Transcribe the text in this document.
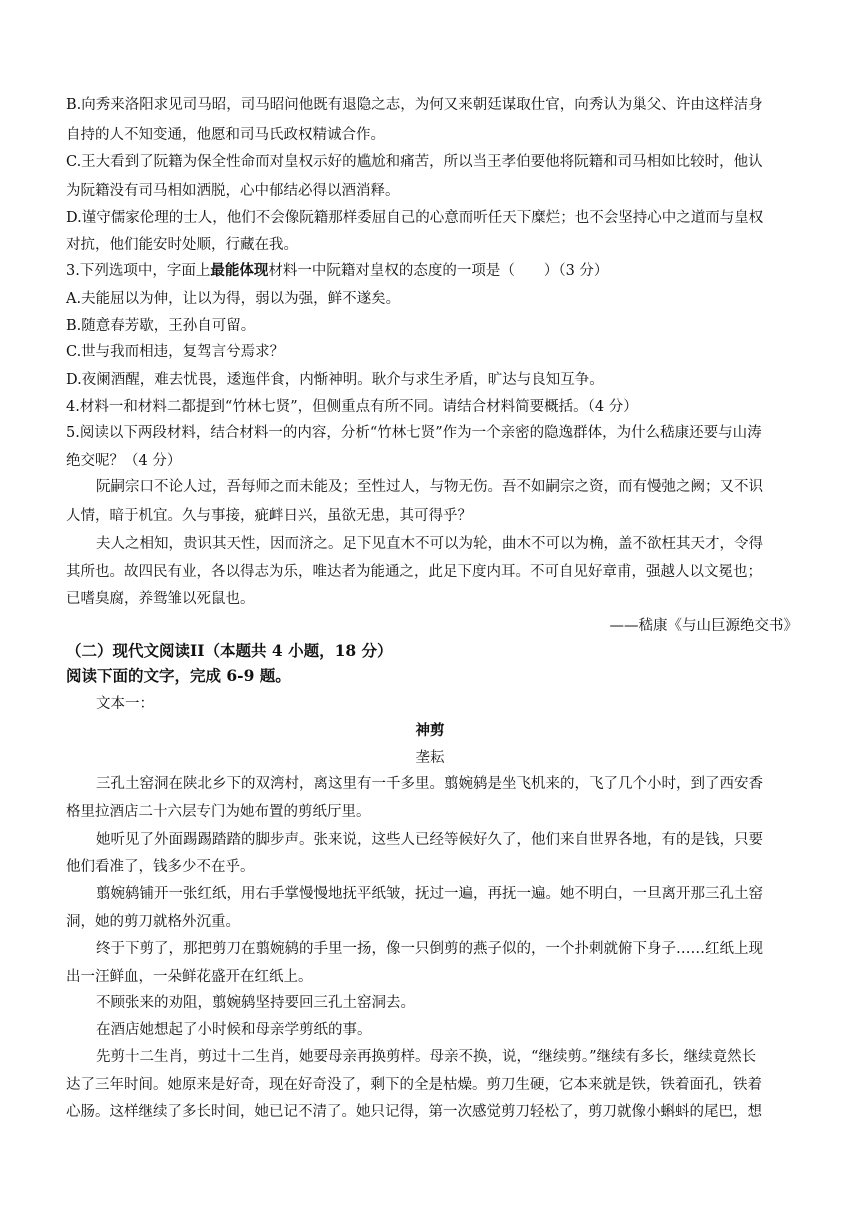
B.向秀来洛阳求见司马昭，司马昭问他既有退隐之志，为何又来朝廷谋取仕官，向秀认为巢父、许由这样洁身
自持的人不知变通，他愿和司马氏政权精诚合作。
C.王大看到了阮籍为保全性命而对皇权示好的尴尬和痛苦，所以当王孝伯要他将阮籍和司马相如比较时，他认
为阮籍没有司马相如洒脱，心中郁结必得以酒消释。
D.谨守儒家伦理的士人，他们不会像阮籍那样委屈自己的心意而听任天下糜烂；也不会坚持心中之道而与皇权
对抗，他们能安时处顺，行藏在我。
3.下列选项中，字面上最能体现材料一中阮籍对皇权的态度的一项是（　　）（3 分）
A.夫能屈以为伸，让以为得，弱以为强，鲜不遂矣。
B.随意春芳歇，王孙自可留。
C.世与我而相违，复驾言兮焉求？
D.夜阑酒醒，难去忧畏，逶迤伴食，内惭神明。耿介与求生矛盾，旷达与良知互争。
4.材料一和材料二都提到“竹林七贤”，但侧重点有所不同。请结合材料简要概括。（4 分）
5.阅读以下两段材料，结合材料一的内容，分析“竹林七贤”作为一个亲密的隐逸群体，为什么嵇康还要与山涛
绝交呢？（4 分）
阮嗣宗口不论人过，吾每师之而未能及；至性过人，与物无伤。吾不如嗣宗之资，而有慢弛之阙；又不识
人情，暗于机宜。久与事接，疵衅日兴，虽欲无患，其可得乎？
夫人之相知，贵识其天性，因而济之。足下见直木不可以为轮，曲木不可以为桷，盖不欲枉其天才，令得
其所也。故四民有业，各以得志为乐，唯达者为能通之，此足下度内耳。不可自见好章甫，强越人以文冕也；
已嗜臭腐，养鸳雏以死鼠也。
——嵇康《与山巨源绝交书》
（二）现代文阅读II（本题共 4 小题，18 分）
阅读下面的文字，完成 6-9 题。
文本一：
神剪
垄耘
三孔土窑洞在陕北乡下的双湾村，离这里有一千多里。翦婉鸫是坐飞机来的，飞了几个小时，到了西安香
格里拉酒店二十六层专门为她布置的剪纸厅里。
她听见了外面踢踢踏踏的脚步声。张来说，这些人已经等候好久了，他们来自世界各地，有的是钱，只要
他们看准了，钱多少不在乎。
翦婉鸫铺开一张红纸，用右手掌慢慢地抚平纸皱，抚过一遍，再抚一遍。她不明白，一旦离开那三孔土窑
洞，她的剪刀就格外沉重。
终于下剪了，那把剪刀在翦婉鸫的手里一扬，像一只倒剪的燕子似的，一个扑刺就俯下身子……红纸上现
出一汪鲜血，一朵鲜花盛开在红纸上。
不顾张来的劝阻，翦婉鸫坚持要回三孔土窑洞去。
在酒店她想起了小时候和母亲学剪纸的事。
先剪十二生肖，剪过十二生肖，她要母亲再换剪样。母亲不换，说，“继续剪。”继续有多长，继续竟然长
达了三年时间。她原来是好奇，现在好奇没了，剩下的全是枯燥。剪刀生硬，它本来就是铁，铁着面孔，铁着
心肠。这样继续了多长时间，她已记不清了。她只记得，第一次感觉剪刀轻松了，剪刀就像小蝌蚪的尾巴，想
